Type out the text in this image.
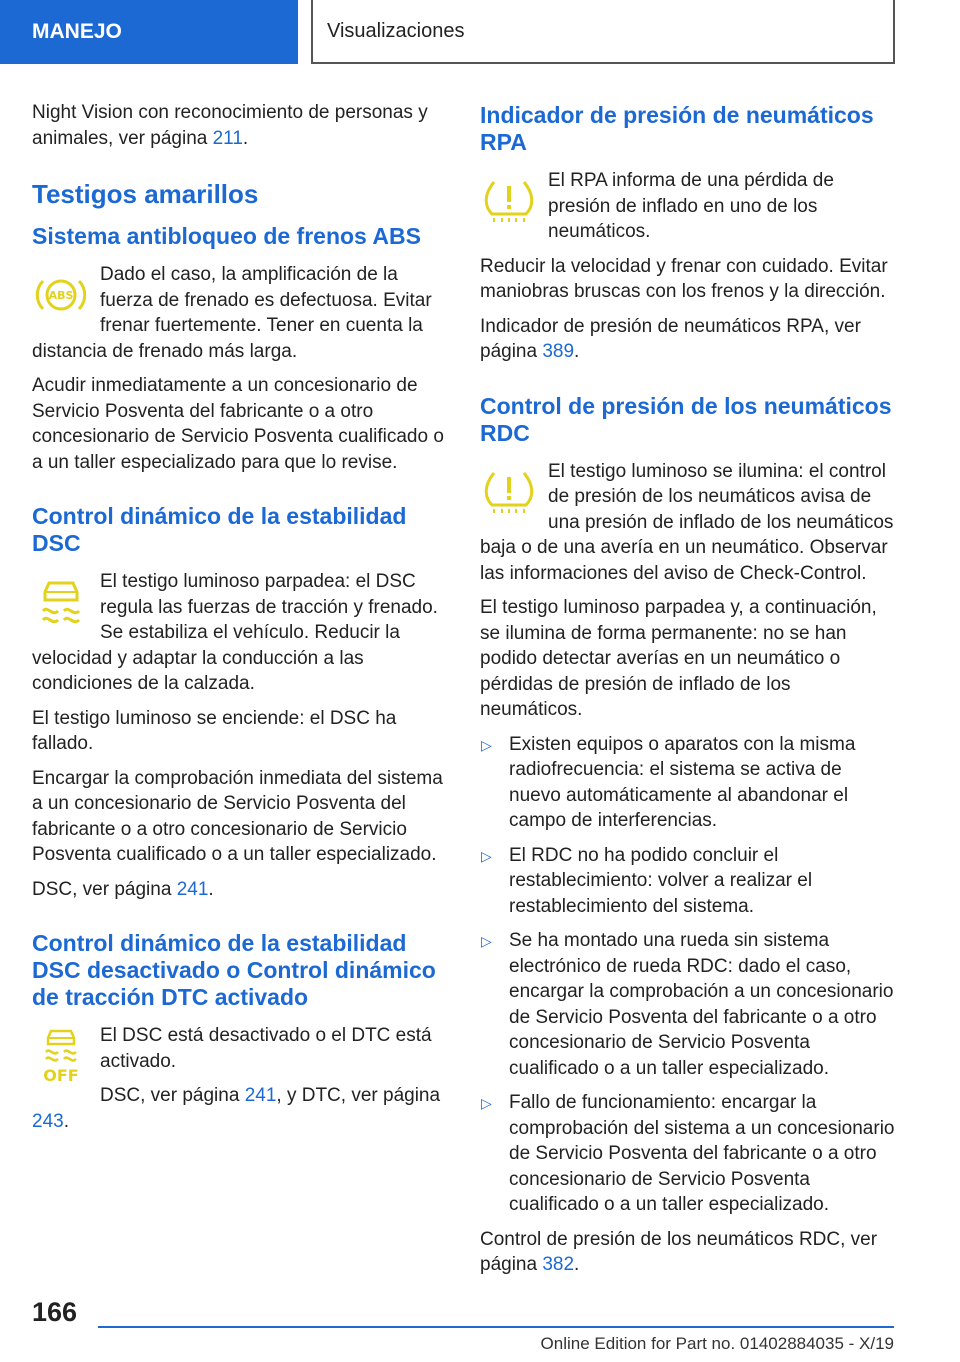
MANEJO	Visualizaciones

Night Vision con reconocimiento de personas y animales, ver página 211.

Testigos amarillos
Sistema antibloqueo de frenos ABS
ABS

Dado el caso, la amplificación de la fuerza de frenado es defectuosa. Evitar frenar fuertemente. Tener en cuenta la distancia de frenado más larga.

Acudir inmediatamente a un concesionario de Servicio Posventa del fabricante o a otro concesionario de Servicio Posventa cualificado o a un taller especializado para que lo revise.

Control dinámico de la estabilidad DSC

El testigo luminoso parpadea: el DSC regula las fuerzas de tracción y frenado. Se estabiliza el vehículo. Reducir la velocidad y adaptar la conducción a las condiciones de la calzada.

El testigo luminoso se enciende: el DSC ha fallado.

Encargar la comprobación inmediata del sistema a un concesionario de Servicio Posventa del fabricante o a otro concesionario de Servicio Posventa cualificado o a un taller especializado.

DSC, ver página 241.

Control dinámico de la estabilidad DSC desactivado o Control dinámico de tracción DTC activado
OFF

El DSC está desactivado o el DTC está activado.

DSC, ver página 241, y DTC, ver página 243.

Indicador de presión de neumáticos RPA

El RPA informa de una pérdida de presión de inflado en uno de los neumáticos.

Reducir la velocidad y frenar con cuidado. Evitar maniobras bruscas con los frenos y la dirección.

Indicador de presión de neumáticos RPA, ver página 389.

Control de presión de los neumáticos RDC

El testigo luminoso se ilumina: el control de presión de los neumáticos avisa de una presión de inflado de los neumáticos baja o de una avería en un neumático. Observar las informaciones del aviso de Check-Control.

El testigo luminoso parpadea y, a continuación, se ilumina de forma permanente: no se han podido detectar averías en un neumático o pérdidas de presión de inflado de los neumáticos.

▷ Existen equipos o aparatos con la misma radiofrecuencia: el sistema se activa de nuevo automáticamente al abandonar el campo de interferencias.
▷ El RDC no ha podido concluir el restablecimiento: volver a realizar el restablecimiento del sistema.
▷ Se ha montado una rueda sin sistema electrónico de rueda RDC: dado el caso, encargar la comprobación a un concesionario de Servicio Posventa del fabricante o a otro concesionario de Servicio Posventa cualificado o a un taller especializado.
▷ Fallo de funcionamiento: encargar la comprobación del sistema a un concesionario de Servicio Posventa del fabricante o a otro concesionario de Servicio Posventa cualificado o a un taller especializado.

Control de presión de los neumáticos RDC, ver página 382.

166
Online Edition for Part no. 01402884035 - X/19
